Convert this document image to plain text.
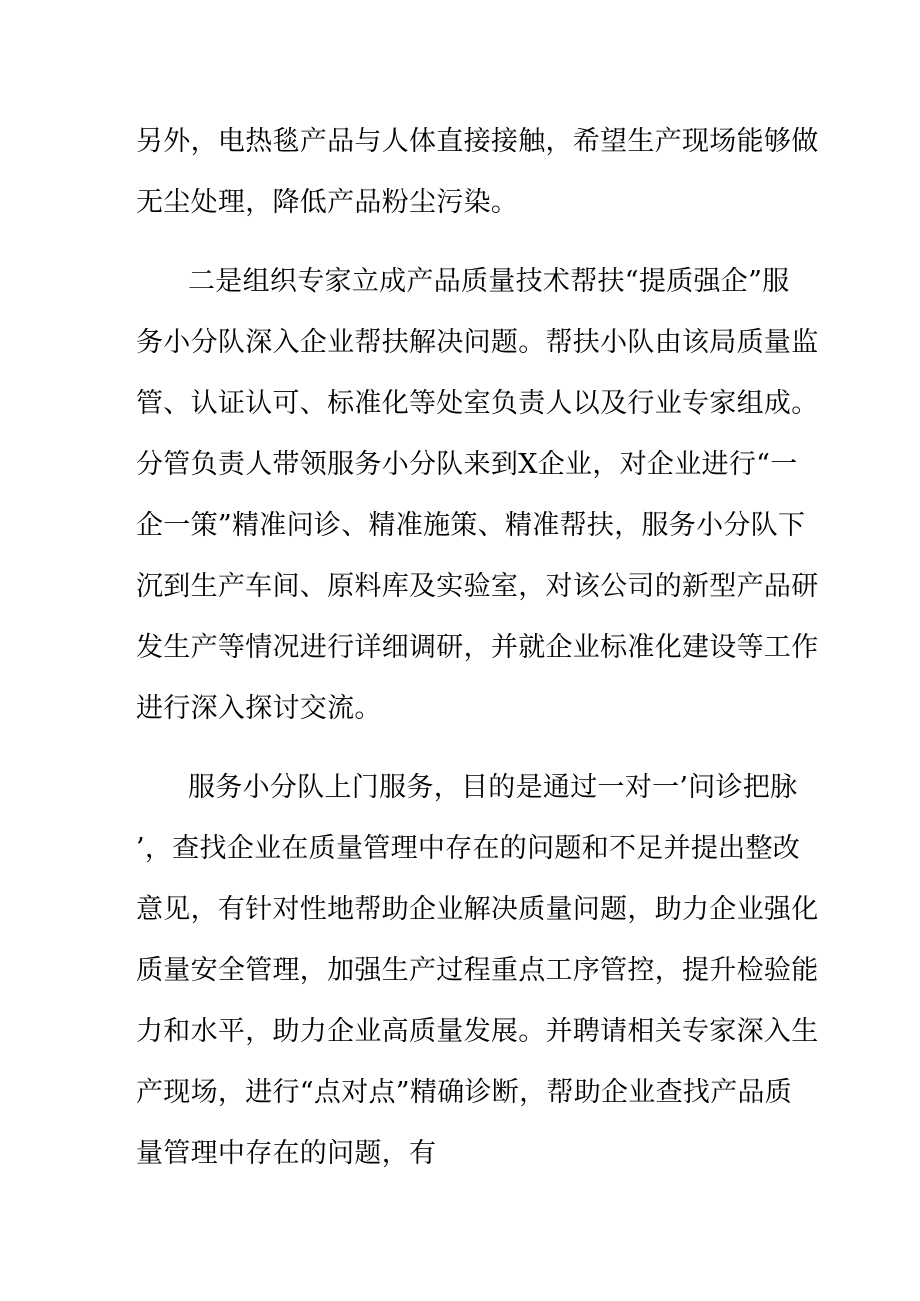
另外，电热毯产品与人体直接接触，希望生产现场能够做
无尘处理，降低产品粉尘污染。
二是组织专家立成产品质量技术帮扶“提质强企”服
务小分队深入企业帮扶解决问题。帮扶小队由该局质量监
管、认证认可、标准化等处室负责人以及行业专家组成。
分管负责人带领服务小分队来到X企业，对企业进行“一
企一策”精准问诊、精准施策、精准帮扶，服务小分队下
沉到生产车间、原料库及实验室，对该公司的新型产品研
发生产等情况进行详细调研，并就企业标准化建设等工作
进行深入探讨交流。
服务小分队上门服务，目的是通过一对一’问诊把脉
’，查找企业在质量管理中存在的问题和不足并提出整改
意见，有针对性地帮助企业解决质量问题，助力企业强化
质量安全管理，加强生产过程重点工序管控，提升检验能
力和水平，助力企业高质量发展。并聘请相关专家深入生
产现场，进行“点对点”精确诊断，帮助企业查找产品质
量管理中存在的问题，有
